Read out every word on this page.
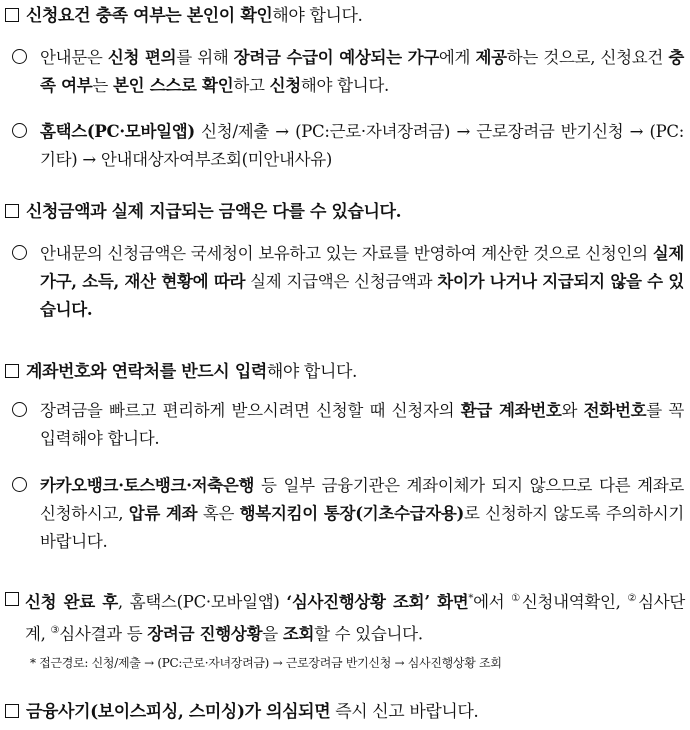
신청요건 충족 여부는 본인이 확인해야 합니다.
안내문은 신청 편의를 위해 장려금 수급이 예상되는 가구에게 제공하는 것으로, 신청요건 충족 여부는 본인 스스로 확인하고 신청해야 합니다.
홈택스(PC·모바일앱) 신청/제출 → (PC:근로·자녀장려금) → 근로장려금 반기신청 → (PC:기타) → 안내대상자여부조회(미안내사유)
신청금액과 실제 지급되는 금액은 다를 수 있습니다.
안내문의 신청금액은 국세청이 보유하고 있는 자료를 반영하여 계산한 것으로 신청인의 실제 가구, 소득, 재산 현황에 따라 실제 지급액은 신청금액과 차이가 나거나 지급되지 않을 수 있습니다.
계좌번호와 연락처를 반드시 입력해야 합니다.
장려금을 빠르고 편리하게 받으시려면 신청할 때 신청자의 환급 계좌번호와 전화번호를 꼭 입력해야 합니다.
카카오뱅크·토스뱅크·저축은행 등 일부 금융기관은 계좌이체가 되지 않으므로 다른 계좌로 신청하시고, 압류 계좌 혹은 행복지킴이 통장(기초수급자용)로 신청하지 않도록 주의하시기 바랍니다.
신청 완료 후, 홈택스(PC·모바일앱) ‘심사진행상황 조회’ 화면*에서 ①신청내역확인, ②심사단계, ③심사결과 등 장려금 진행상황을 조회할 수 있습니다.
* 접근경로: 신청/제출 → (PC:근로·자녀장려금) → 근로장려금 반기신청 → 심사진행상황 조회
금융사기(보이스피싱, 스미싱)가 의심되면 즉시 신고 바랍니다.
